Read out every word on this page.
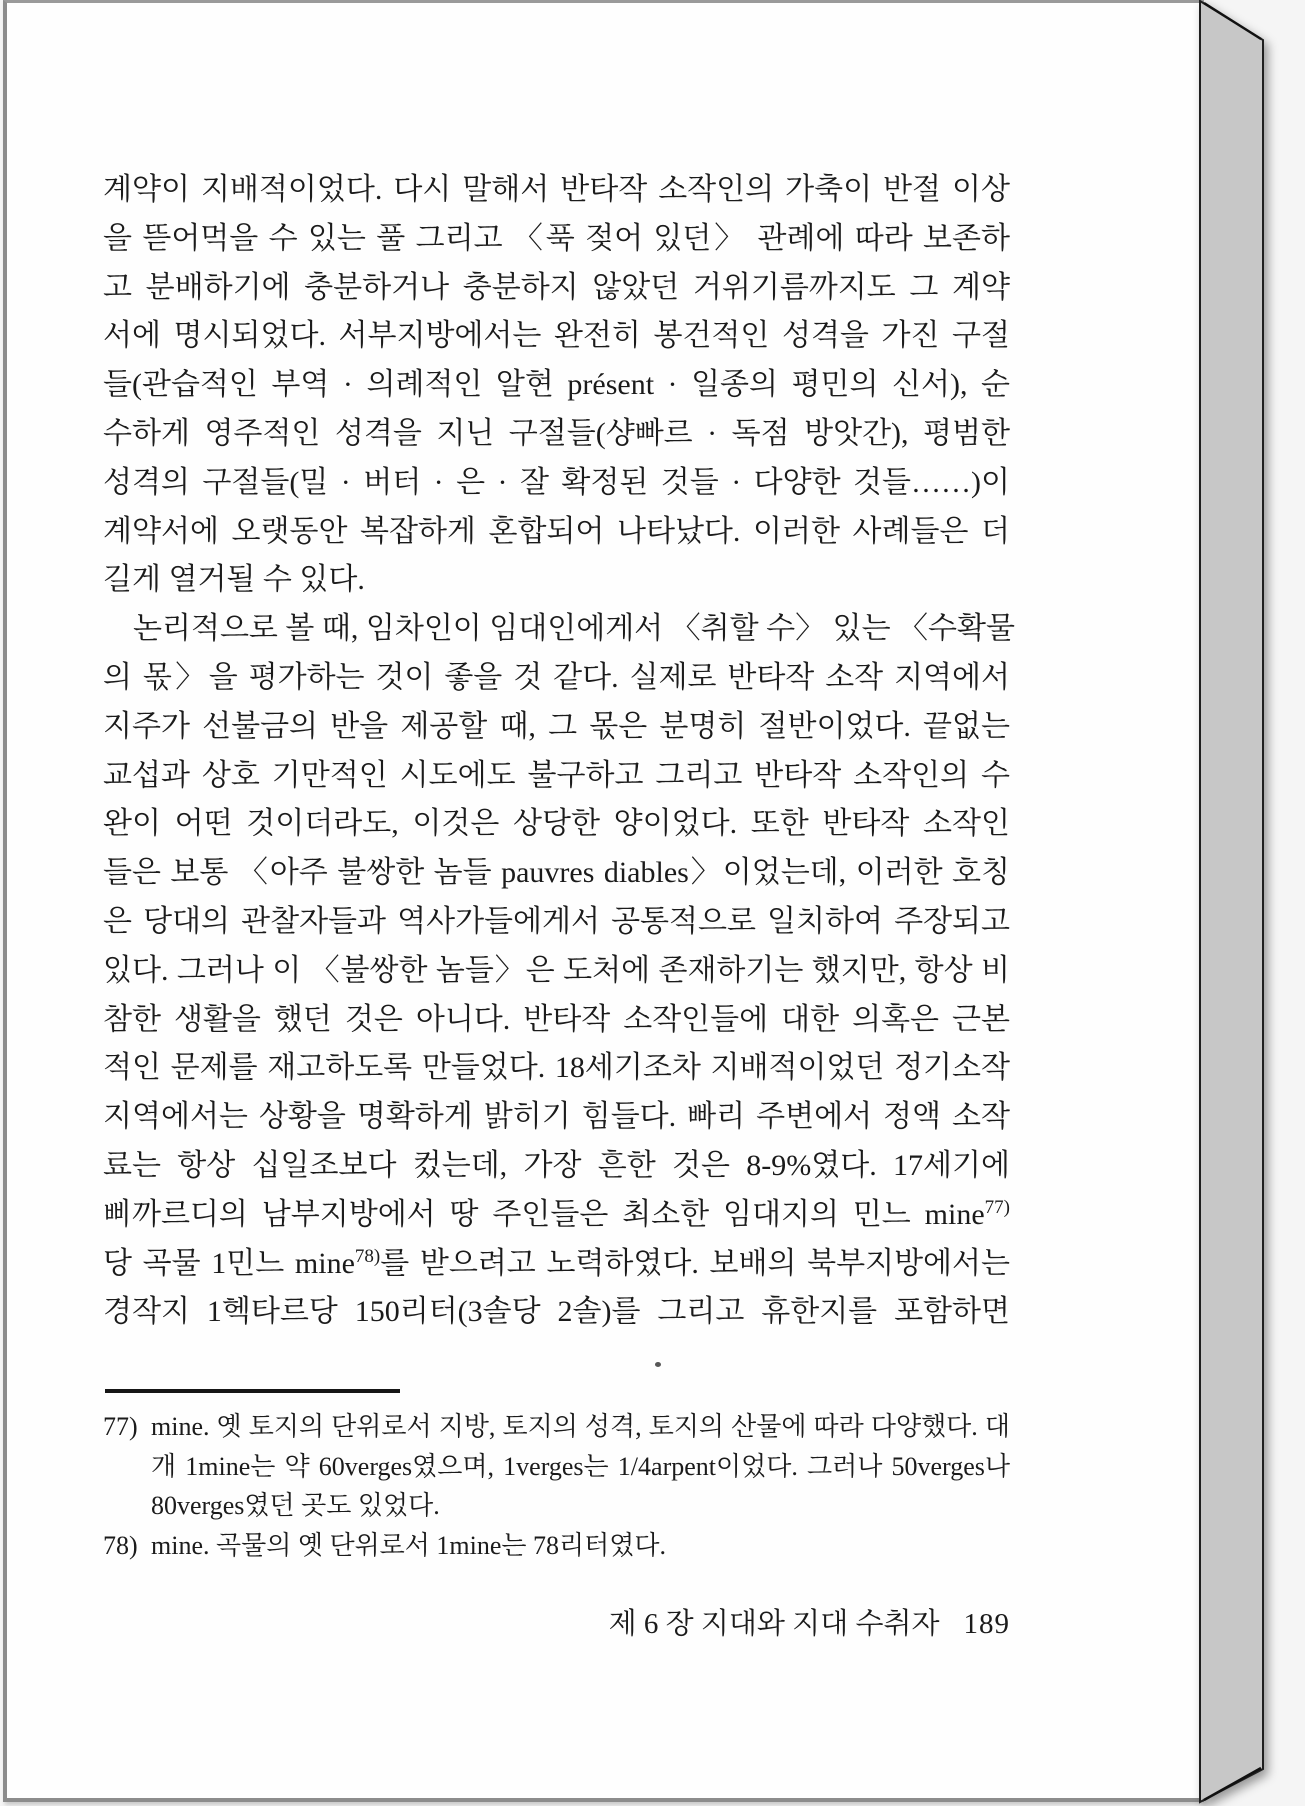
계약이 지배적이었다. 다시 말해서 반타작 소작인의 가축이 반절 이상
을 뜯어먹을 수 있는 풀 그리고 〈푹 젖어 있던〉 관례에 따라 보존하
고 분배하기에 충분하거나 충분하지 않았던 거위기름까지도 그 계약
서에 명시되었다. 서부지방에서는 완전히 봉건적인 성격을 가진 구절
들(관습적인 부역 · 의례적인 알현 présent · 일종의 평민의 신서), 순
수하게 영주적인 성격을 지닌 구절들(샹빠르 · 독점 방앗간), 평범한
성격의 구절들(밀 · 버터 · 은 · 잘 확정된 것들 · 다양한 것들……)이
계약서에 오랫동안 복잡하게 혼합되어 나타났다. 이러한 사례들은 더
길게 열거될 수 있다.
논리적으로 볼 때, 임차인이 임대인에게서 〈취할 수〉 있는 〈수확물
의 몫〉을 평가하는 것이 좋을 것 같다. 실제로 반타작 소작 지역에서
지주가 선불금의 반을 제공할 때, 그 몫은 분명히 절반이었다. 끝없는
교섭과 상호 기만적인 시도에도 불구하고 그리고 반타작 소작인의 수
완이 어떤 것이더라도, 이것은 상당한 양이었다. 또한 반타작 소작인
들은 보통 〈아주 불쌍한 놈들 pauvres diables〉이었는데, 이러한 호칭
은 당대의 관찰자들과 역사가들에게서 공통적으로 일치하여 주장되고
있다. 그러나 이 〈불쌍한 놈들〉은 도처에 존재하기는 했지만, 항상 비
참한 생활을 했던 것은 아니다. 반타작 소작인들에 대한 의혹은 근본
적인 문제를 재고하도록 만들었다. 18세기조차 지배적이었던 정기소작
지역에서는 상황을 명확하게 밝히기 힘들다. 빠리 주변에서 정액 소작
료는 항상 십일조보다 컸는데, 가장 흔한 것은 8-9%였다. 17세기에
삐까르디의 남부지방에서 땅 주인들은 최소한 임대지의 민느 mine$^{77)}$
당 곡물 1민느 mine$^{78)}$를 받으려고 노력하였다. 보배의 북부지방에서는
경작지 1헥타르당 150리터(3솔당 2솔)를 그리고 휴한지를 포함하면
77) mine. 옛 토지의 단위로서 지방, 토지의 성격, 토지의 산물에 따라 다양했다. 대
개 1mine는 약 60verges였으며, 1verges는 1/4arpent이었다. 그러나 50verges나
80verges였던 곳도 있었다.
78) mine. 곡물의 옛 단위로서 1mine는 78리터였다.
제 6 장 지대와 지대 수취자 189
